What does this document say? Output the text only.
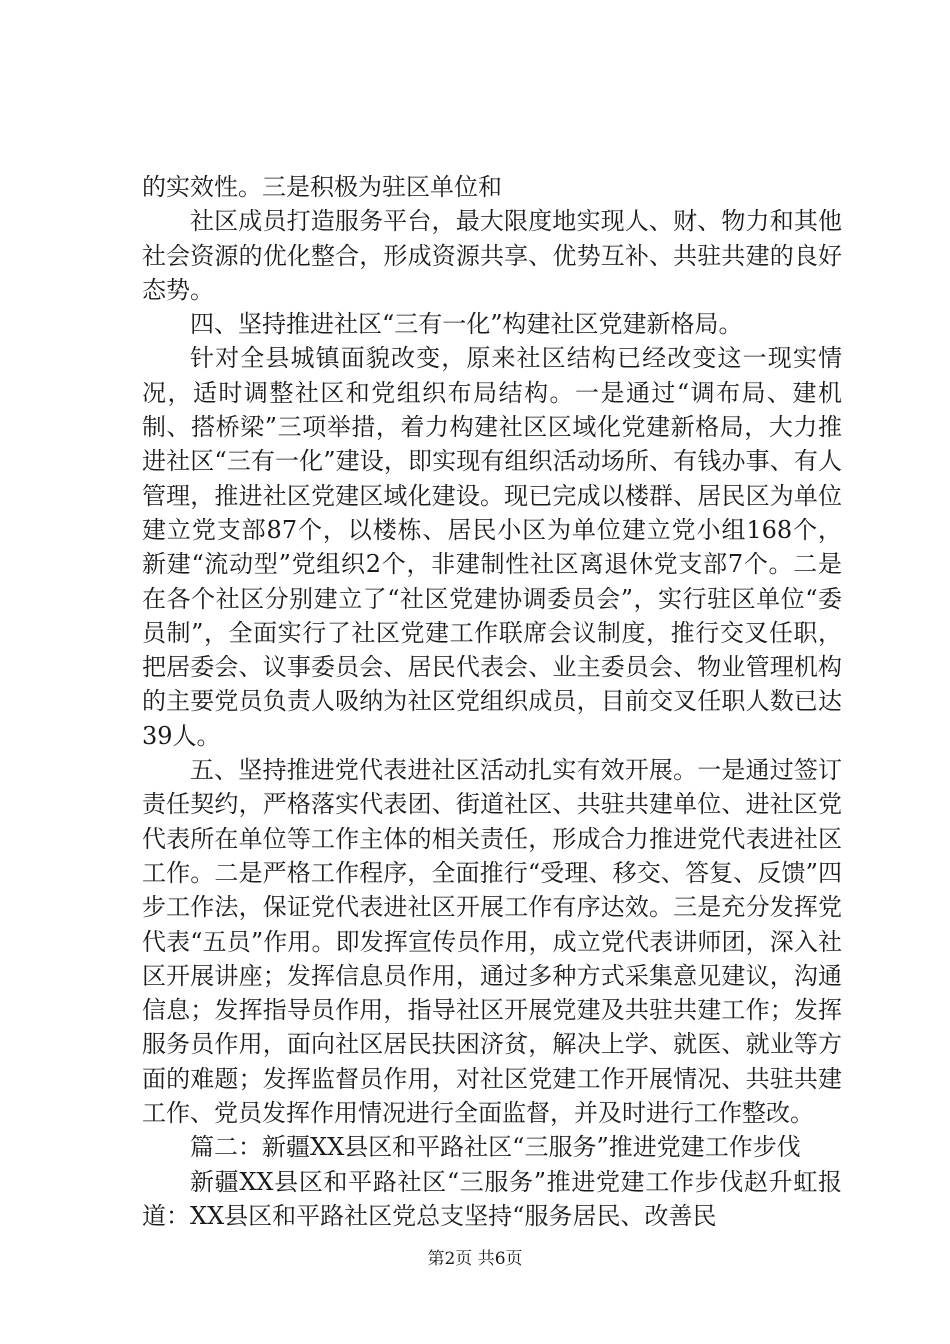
的实效性。三是积极为驻区单位和

社区成员打造服务平台，最大限度地实现人、财、物力和其他社会资源的优化整合，形成资源共享、优势互补、共驻共建的良好态势。

四、坚持推进社区“三有一化”构建社区党建新格局。

针对全县城镇面貌改变，原来社区结构已经改变这一现实情况，适时调整社区和党组织布局结构。一是通过“调布局、建机制、搭桥梁”三项举措，着力构建社区区域化党建新格局，大力推进社区“三有一化”建设，即实现有组织活动场所、有钱办事、有人管理，推进社区党建区域化建设。现已完成以楼群、居民区为单位建立党支部87个，以楼栋、居民小区为单位建立党小组168个，新建“流动型”党组织2个，非建制性社区离退休党支部7个。二是在各个社区分别建立了“社区党建协调委员会”，实行驻区单位“委员制”，全面实行了社区党建工作联席会议制度，推行交叉任职，把居委会、议事委员会、居民代表会、业主委员会、物业管理机构的主要党员负责人吸纳为社区党组织成员，目前交叉任职人数已达39人。

五、坚持推进党代表进社区活动扎实有效开展。一是通过签订责任契约，严格落实代表团、街道社区、共驻共建单位、进社区党代表所在单位等工作主体的相关责任，形成合力推进党代表进社区工作。二是严格工作程序，全面推行“受理、移交、答复、反馈”四步工作法，保证党代表进社区开展工作有序达效。三是充分发挥党代表“五员”作用。即发挥宣传员作用，成立党代表讲师团，深入社区开展讲座；发挥信息员作用，通过多种方式采集意见建议，沟通信息；发挥指导员作用，指导社区开展党建及共驻共建工作；发挥服务员作用，面向社区居民扶困济贫，解决上学、就医、就业等方面的难题；发挥监督员作用，对社区党建工作开展情况、共驻共建工作、党员发挥作用情况进行全面监督，并及时进行工作整改。

篇二：新疆XX县区和平路社区“三服务”推进党建工作步伐

新疆XX县区和平路社区“三服务”推进党建工作步伐赵升虹报道：XX县区和平路社区党总支坚持“服务居民、改善民

第2页 共6页
